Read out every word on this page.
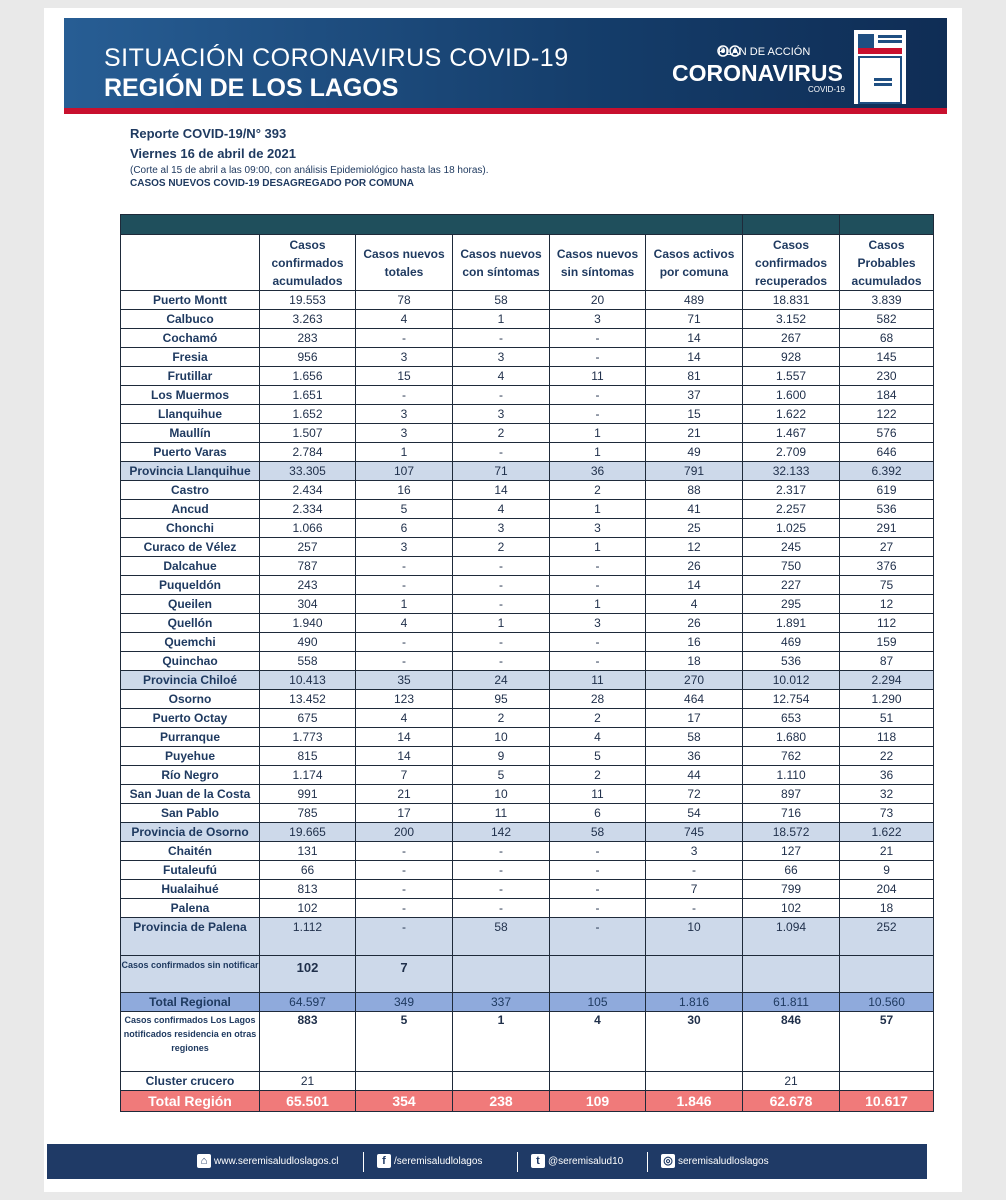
SITUACIÓN CORONAVIRUS COVID-19
REGIÓN DE LOS LAGOS
PLAN DE ACCIÓN
CORONAVIRUS
COVID-19
Reporte COVID-19/N° 393
Viernes 16 de abril de 2021
(Corte al 15 de abril a las 09:00, con análisis Epidemiológico hasta las 18 horas).
CASOS NUEVOS COVID-19 DESAGREGADO POR COMUNA

	Casos confirmados acumulados	Casos nuevos totales	Casos nuevos con síntomas	Casos nuevos sin síntomas	Casos activos por comuna	Casos confirmados recuperados	Casos Probables acumulados
Puerto Montt	19.553	78	58	20	489	18.831	3.839
Calbuco	3.263	4	1	3	71	3.152	582
Cochamó	283	-	-	-	14	267	68
Fresia	956	3	3	-	14	928	145
Frutillar	1.656	15	4	11	81	1.557	230
Los Muermos	1.651	-	-	-	37	1.600	184
Llanquihue	1.652	3	3	-	15	1.622	122
Maullín	1.507	3	2	1	21	1.467	576
Puerto Varas	2.784	1	-	1	49	2.709	646
Provincia Llanquihue	33.305	107	71	36	791	32.133	6.392
Castro	2.434	16	14	2	88	2.317	619
Ancud	2.334	5	4	1	41	2.257	536
Chonchi	1.066	6	3	3	25	1.025	291
Curaco de Vélez	257	3	2	1	12	245	27
Dalcahue	787	-	-	-	26	750	376
Puqueldón	243	-	-	-	14	227	75
Queilen	304	1	-	1	4	295	12
Quellón	1.940	4	1	3	26	1.891	112
Quemchi	490	-	-	-	16	469	159
Quinchao	558	-	-	-	18	536	87
Provincia Chiloé	10.413	35	24	11	270	10.012	2.294
Osorno	13.452	123	95	28	464	12.754	1.290
Puerto Octay	675	4	2	2	17	653	51
Purranque	1.773	14	10	4	58	1.680	118
Puyehue	815	14	9	5	36	762	22
Río Negro	1.174	7	5	2	44	1.110	36
San Juan de la Costa	991	21	10	11	72	897	32
San Pablo	785	17	11	6	54	716	73
Provincia de Osorno	19.665	200	142	58	745	18.572	1.622
Chaitén	131	-	-	-	3	127	21
Futaleufú	66	-	-	-	-	66	9
Hualaihué	813	-	-	-	7	799	204
Palena	102	-	-	-	-	102	18
Provincia de Palena	1.112	-	58	-	10	1.094	252
Casos confirmados sin notificar	102	7					
Total Regional	64.597	349	337	105	1.816	61.811	10.560
Casos confirmados Los Lagos notificados residencia en otras regiones	883	5	1	4	30	846	57
Cluster crucero	21					21	
Total Región	65.501	354	238	109	1.846	62.678	10.617
⌂ www.seremisaludloslagos.cl	f /seremisaludlolagos	t @seremisalud10	◎ seremisaludloslagos
